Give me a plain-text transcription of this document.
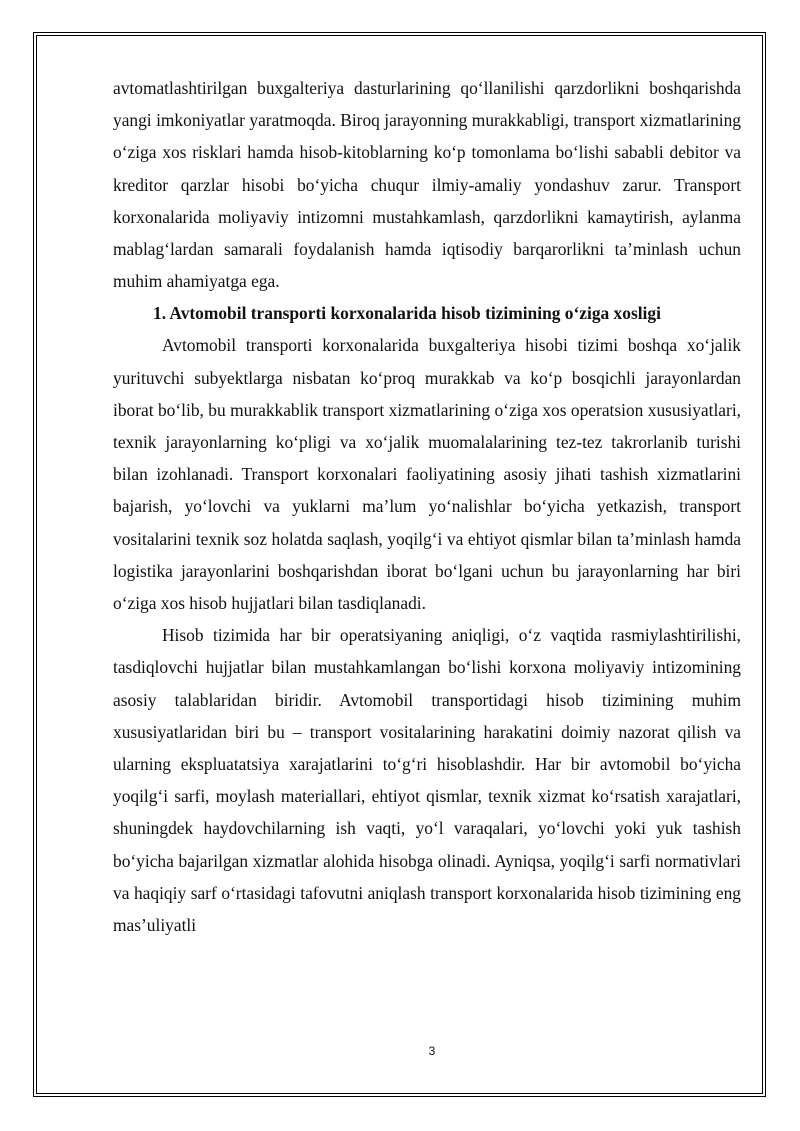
avtomatlashtirilgan buxgalteriya dasturlarining qo‘llanilishi qarzdorlikni boshqarishda yangi imkoniyatlar yaratmoqda. Biroq jarayonning murakkabligi, transport xizmatlarining o‘ziga xos risklari hamda hisob-kitoblarning ko‘p tomonlama bo‘lishi sababli debitor va kreditor qarzlar hisobi bo‘yicha chuqur ilmiy-amaliy yondashuv zarur. Transport korxonalarida moliyaviy intizomni mustahkamlash, qarzdorlikni kamaytirish, aylanma mablag‘lardan samarali foydalanish hamda iqtisodiy barqarorlikni ta’minlash uchun muhim ahamiyatga ega.

1. Avtomobil transporti korxonalarida hisob tizimining o‘ziga xosligi

Avtomobil transporti korxonalarida buxgalteriya hisobi tizimi boshqa xo‘jalik yurituvchi subyektlarga nisbatan ko‘proq murakkab va ko‘p bosqichli jarayonlardan iborat bo‘lib, bu murakkablik transport xizmatlarining o‘ziga xos operatsion xususiyatlari, texnik jarayonlarning ko‘pligi va xo‘jalik muomalalarining tez-tez takrorlanib turishi bilan izohlanadi. Transport korxonalari faoliyatining asosiy jihati tashish xizmatlarini bajarish, yo‘lovchi va yuklarni ma’lum yo‘nalishlar bo‘yicha yetkazish, transport vositalarini texnik soz holatda saqlash, yoqilg‘i va ehtiyot qismlar bilan ta’minlash hamda logistika jarayonlarini boshqarishdan iborat bo‘lgani uchun bu jarayonlarning har biri o‘ziga xos hisob hujjatlari bilan tasdiqlanadi.

Hisob tizimida har bir operatsiyaning aniqligi, o‘z vaqtida rasmiylashtirilishi, tasdiqlovchi hujjatlar bilan mustahkamlangan bo‘lishi korxona moliyaviy intizomining asosiy talablaridan biridir. Avtomobil transportidagi hisob tizimining muhim xususiyatlaridan biri bu – transport vositalarining harakatini doimiy nazorat qilish va ularning ekspluatatsiya xarajatlarini to‘g‘ri hisoblashdir. Har bir avtomobil bo‘yicha yoqilg‘i sarfi, moylash materiallari, ehtiyot qismlar, texnik xizmat ko‘rsatish xarajatlari, shuningdek haydovchilarning ish vaqti, yo‘l varaqalari, yo‘lovchi yoki yuk tashish bo‘yicha bajarilgan xizmatlar alohida hisobga olinadi. Ayniqsa, yoqilg‘i sarfi normativlari va haqiqiy sarf o‘rtasidagi tafovutni aniqlash transport korxonalarida hisob tizimining eng mas’uliyatli

3
